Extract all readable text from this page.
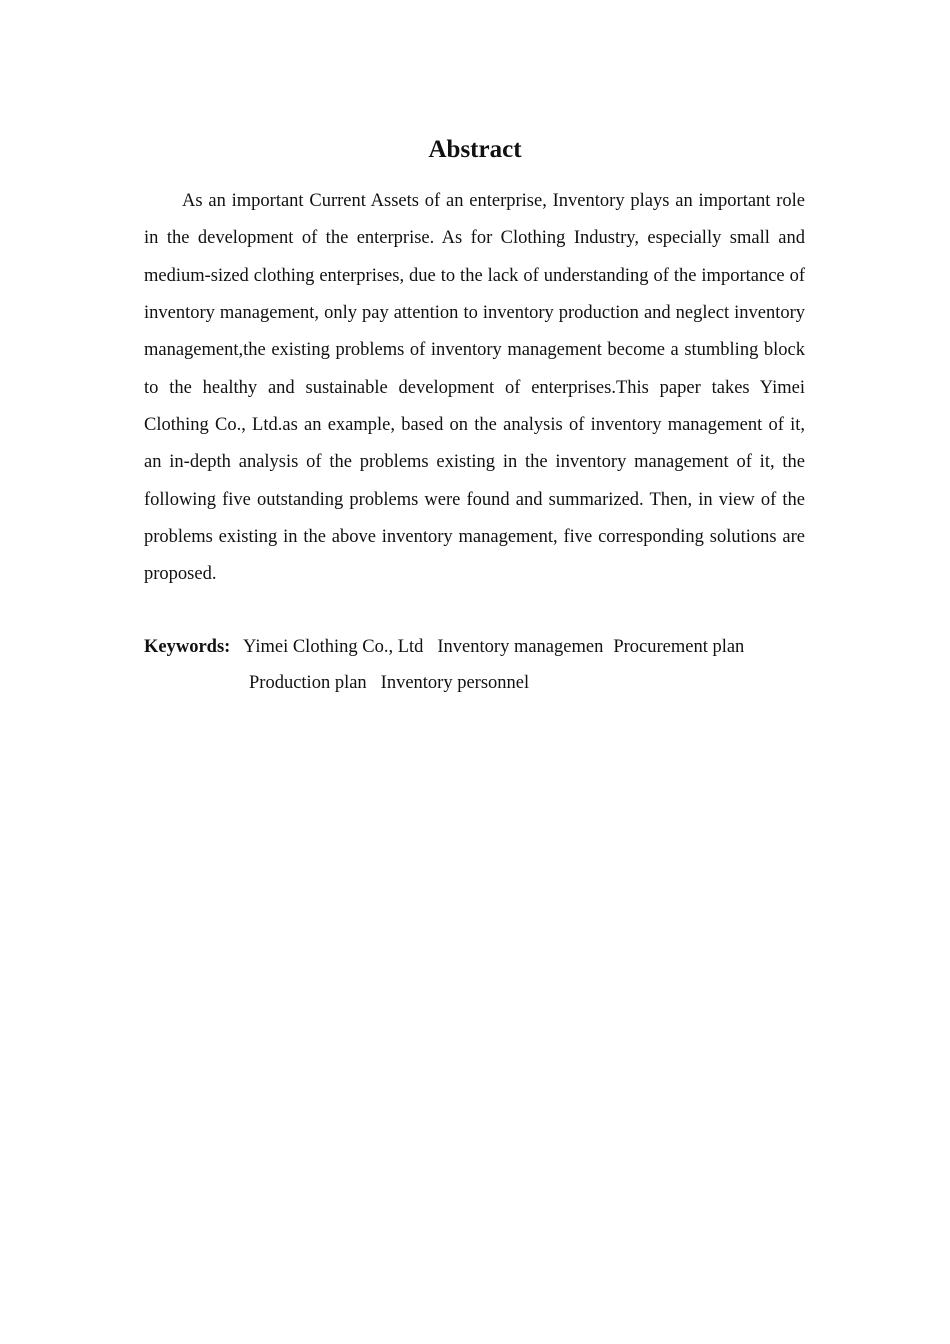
Abstract

As an important Current Assets of an enterprise, Inventory plays an important role in the development of the enterprise. As for Clothing Industry, especially small and medium-sized clothing enterprises, due to the lack of understanding of the importance of inventory management, only pay attention to inventory production and neglect inventory management,the existing problems of inventory management become a stumbling block to the healthy and sustainable development of enterprises.This paper takes Yimei Clothing Co., Ltd.as an example, based on the analysis of inventory management of it, an in-depth analysis of the problems existing in the inventory management of it, the following five outstanding problems were found and summarized. Then, in view of the problems existing in the above inventory management, five corresponding solutions are proposed.

Keywords: Yimei Clothing Co., Ltd Inventory managemen Procurement plan
Production plan Inventory personnel
